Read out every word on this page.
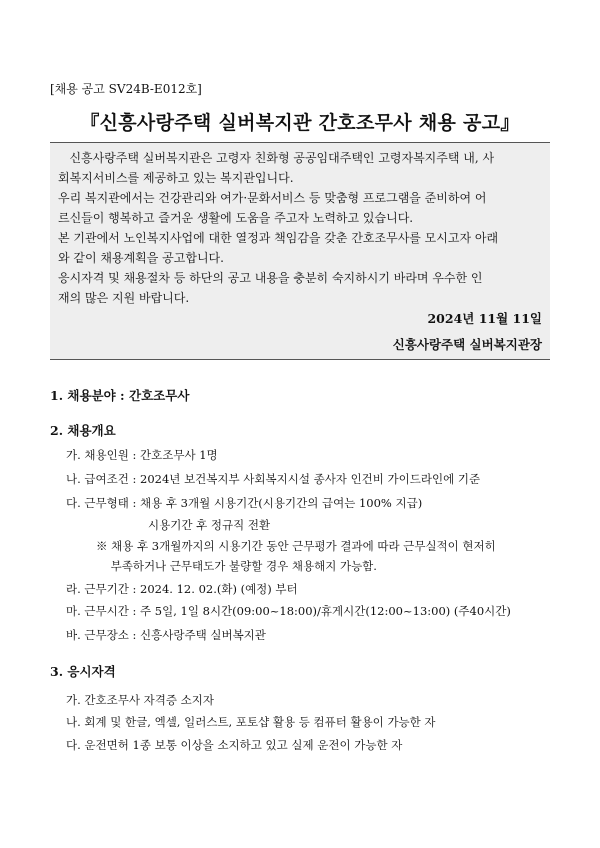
[채용 공고 SV24B-E012호]
『신흥사랑주택 실버복지관 간호조무사 채용 공고』

신흥사랑주택 실버복지관은 고령자 친화형 공공임대주택인 고령자복지주택 내, 사
회복지서비스를 제공하고 있는 복지관입니다.
우리 복지관에서는 건강관리와 여가·문화서비스 등 맞춤형 프로그램을 준비하여 어
르신들이 행복하고 즐거운 생활에 도움을 주고자 노력하고 있습니다.
본 기관에서 노인복지사업에 대한 열정과 책임감을 갖춘 간호조무사를 모시고자 아래
와 같이 채용계획을 공고합니다.
응시자격 및 채용절차 등 하단의 공고 내용을 충분히 숙지하시기 바라며 우수한 인
재의 많은 지원 바랍니다.

2024년 11월 11일
신흥사랑주택 실버복지관장
1. 채용분야 : 간호조무사
2. 채용개요
가. 채용인원 : 간호조무사 1명
나. 급여조건 : 2024년 보건복지부 사회복지시설 종사자 인건비 가이드라인에 기준
다. 근무형태 : 채용 후 3개월 시용기간(시용기간의 급여는 100% 지급)
시용기간 후 정규직 전환
※ 채용 후 3개월까지의 시용기간 동안 근무평가 결과에 따라 근무실적이 현저히
부족하거나 근무태도가 불량할 경우 채용해지 가능함.
라. 근무기간 : 2024. 12. 02.(화) (예정) 부터
마. 근무시간 : 주 5일, 1일 8시간(09:00~18:00)/휴게시간(12:00~13:00) (주40시간)
바. 근무장소 : 신흥사랑주택 실버복지관
3. 응시자격
가. 간호조무사 자격증 소지자
나. 회계 및 한글, 엑셀, 일러스트, 포토샵 활용 등 컴퓨터 활용이 가능한 자
다. 운전면허 1종 보통 이상을 소지하고 있고 실제 운전이 가능한 자
